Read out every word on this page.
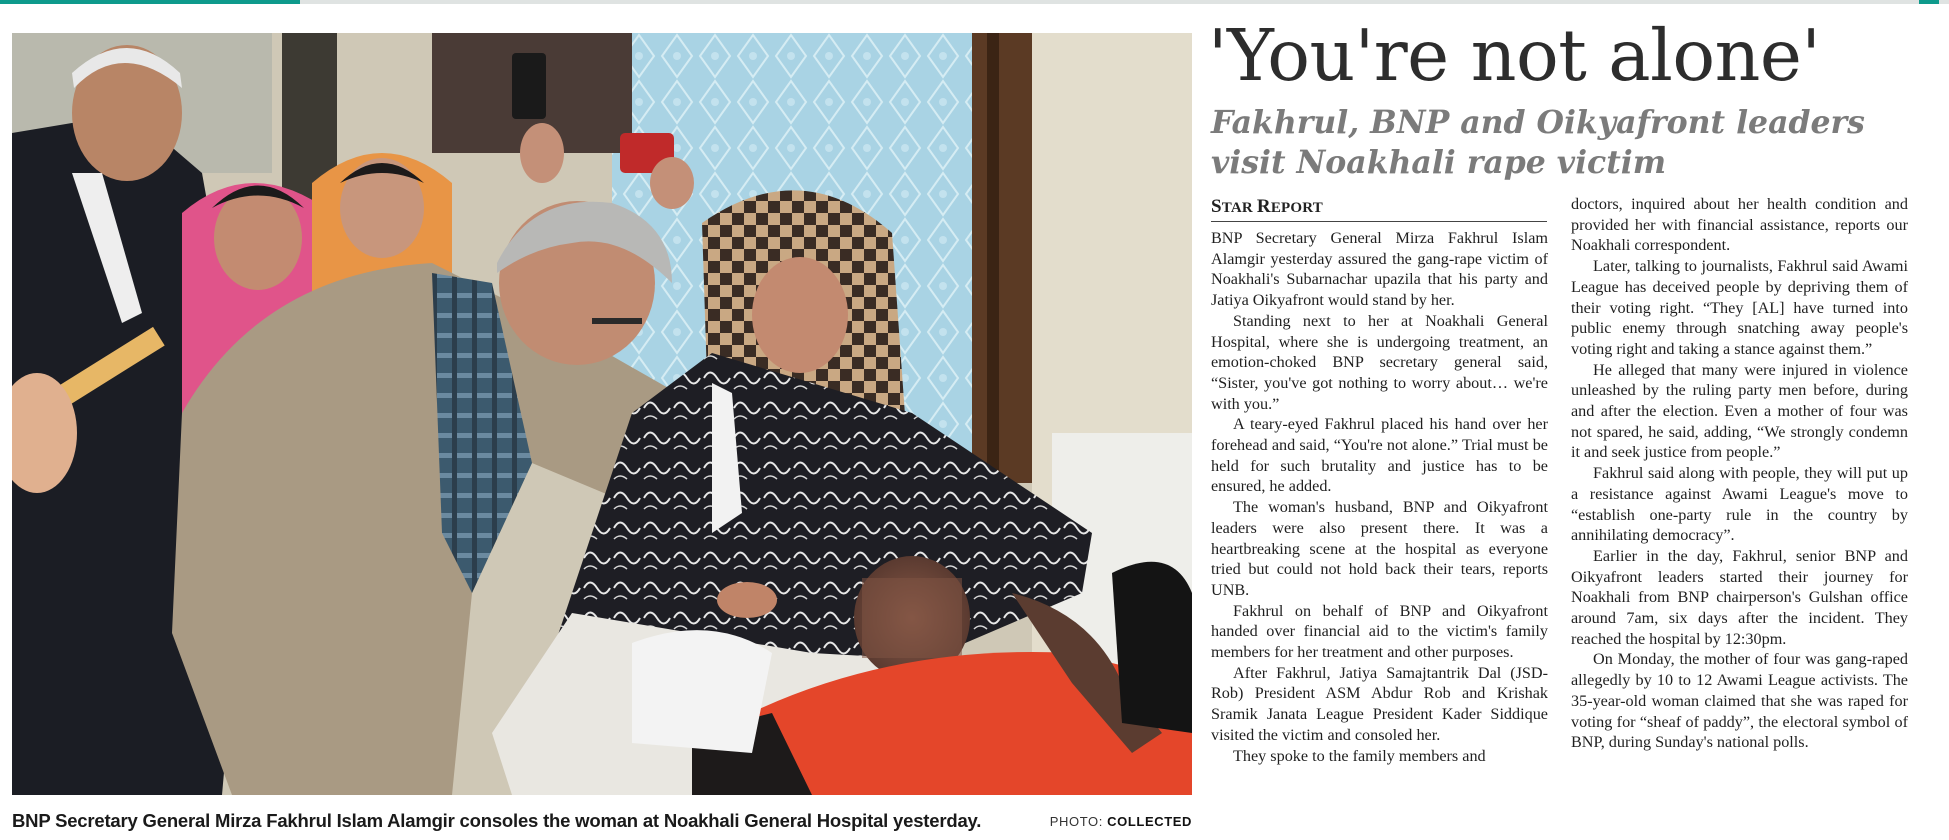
BNP Secretary General Mirza Fakhrul Islam Alamgir consoles the woman at Noakhali General Hospital yesterday.	PHOTO: COLLECTED
'You're not alone'
Fakhrul, BNP and Oikyafront leaders visit Noakhali rape victim
STAR REPORT

BNP Secretary General Mirza Fakhrul Islam Alamgir yesterday assured the gang-rape victim of Noakhali's Subarnachar upazila that his party and Jatiya Oikyafront would stand by her.

Standing next to her at Noakhali General Hospital, where she is undergoing treatment, an emotion-choked BNP secretary general said, “Sister, you've got nothing to worry about… we're with you.”

A teary-eyed Fakhrul placed his hand over her forehead and said, “You're not alone.” Trial must be held for such brutality and justice has to be ensured, he added.

The woman's husband, BNP and Oikyafront leaders were also present there. It was a heartbreaking scene at the hospital as everyone tried but could not hold back their tears, reports UNB.

Fakhrul on behalf of BNP and Oikyafront handed over financial aid to the victim's family members for her treatment and other purposes.

After Fakhrul, Jatiya Samajtantrik Dal (JSD-Rob) President ASM Abdur Rob and Krishak Sramik Janata League President Kader Siddique visited the victim and consoled her.

They spoke to the family members and

doctors, inquired about her health condition and provided her with financial assistance, reports our Noakhali correspondent.

Later, talking to journalists, Fakhrul said Awami League has deceived people by depriving them of their voting right. “They [AL] have turned into public enemy through snatching away people's voting right and taking a stance against them.”

He alleged that many were injured in violence unleashed by the ruling party men before, during and after the election. Even a mother of four was not spared, he said, adding, “We strongly condemn it and seek justice from people.”

Fakhrul said along with people, they will put up a resistance against Awami League's move to “establish one-party rule in the country by annihilating democracy”.

Earlier in the day, Fakhrul, senior BNP and Oikyafront leaders started their journey for Noakhali from BNP chairperson's Gulshan office around 7am, six days after the incident. They reached the hospital by 12:30pm.

On Monday, the mother of four was gang-raped allegedly by 10 to 12 Awami League activists. The 35-year-old woman claimed that she was raped for voting for “sheaf of paddy”, the electoral symbol of BNP, during Sunday's national polls.
